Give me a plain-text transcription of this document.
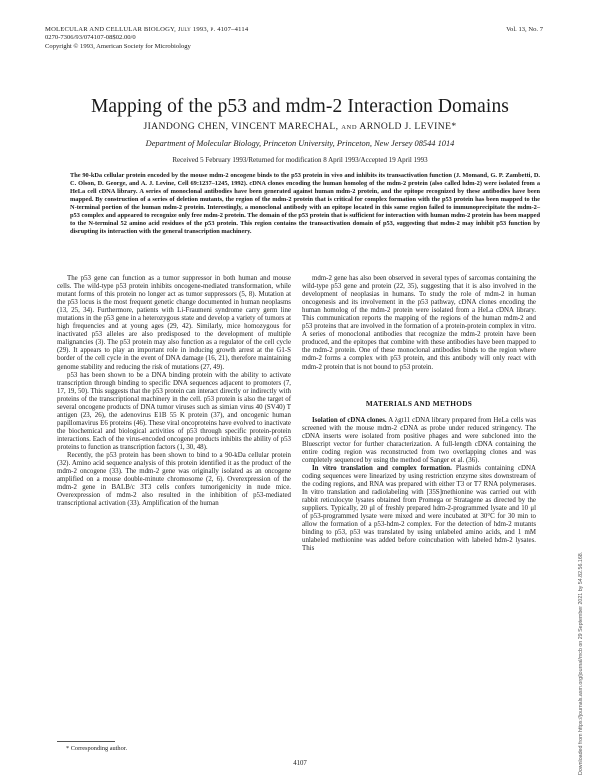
MOLECULAR AND CELLULAR BIOLOGY, July 1993, p. 4107–4114
0270-7306/93/074107-08$02.00/0
Copyright © 1993, American Society for Microbiology
Vol. 13, No. 7
Mapping of the p53 and mdm-2 Interaction Domains
JIANDONG CHEN, VINCENT MARECHAL, AND ARNOLD J. LEVINE*
Department of Molecular Biology, Princeton University, Princeton, New Jersey 08544 1014
Received 5 February 1993/Returned for modification 8 April 1993/Accepted 19 April 1993

The 90-kDa cellular protein encoded by the mouse mdm-2 oncogene binds to the p53 protein in vivo and inhibits its transactivation function (J. Momand, G. P. Zambetti, D. C. Olson, D. George, and A. J. Levine, Cell 69:1237–1245, 1992). cDNA clones encoding the human homolog of the mdm-2 protein (also called hdm-2) were isolated from a HeLa cell cDNA library. A series of monoclonal antibodies have been generated against human mdm-2 protein, and the epitope recognized by these antibodies have been mapped. By construction of a series of deletion mutants, the region of the mdm-2 protein that is critical for complex formation with the p53 protein has been mapped to the N-terminal portion of the human mdm-2 protein. Interestingly, a monoclonal antibody with an epitope located in this same region failed to immunoprecipitate the mdm-2–p53 complex and appeared to recognize only free mdm-2 protein. The domain of the p53 protein that is sufficient for interaction with human mdm-2 protein has been mapped to the N-terminal 52 amino acid residues of the p53 protein. This region contains the transactivation domain of p53, suggesting that mdm-2 may inhibit p53 function by disrupting its interaction with the general transcription machinery.

The p53 gene can function as a tumor suppressor in both human and mouse cells. The wild-type p53 protein inhibits oncogene-mediated transformation, while mutant forms of this protein no longer act as tumor suppressors (5, 8). Mutation at the p53 locus is the most frequent genetic change documented in human neoplasms (13, 25, 34). Furthermore, patients with Li-Fraumeni syndrome carry germ line mutations in the p53 gene in a heterozygous state and develop a variety of tumors at high frequencies and at young ages (29, 42). Similarly, mice homozygous for inactivated p53 alleles are also predisposed to the development of multiple malignancies (3). The p53 protein may also function as a regulator of the cell cycle (29). It appears to play an important role in inducing growth arrest at the G1-S border of the cell cycle in the event of DNA damage (16, 21), therefore maintaining genome stability and reducing the risk of mutations (27, 49).

p53 has been shown to be a DNA binding protein with the ability to activate transcription through binding to specific DNA sequences adjacent to promoters (7, 17, 19, 50). This suggests that the p53 protein can interact directly or indirectly with proteins of the transcriptional machinery in the cell. p53 protein is also the target of several oncogene products of DNA tumor viruses such as simian virus 40 (SV40) T antigen (23, 26), the adenovirus E1B 55 K protein (37), and oncogenic human papillomavirus E6 proteins (46). These viral oncoproteins have evolved to inactivate the biochemical and biological activities of p53 through specific protein-protein interactions. Each of the virus-encoded oncogene products inhibits the ability of p53 proteins to function as transcription factors (1, 30, 48).

Recently, the p53 protein has been shown to bind to a 90-kDa cellular protein (32). Amino acid sequence analysis of this protein identified it as the product of the mdm-2 oncogene (33). The mdm-2 gene was originally isolated as an oncogene amplified on a mouse double-minute chromosome (2, 6). Overexpression of the mdm-2 gene in BALB/c 3T3 cells confers tumorigenicity in nude mice. Overexpression of mdm-2 also resulted in the inhibition of p53-mediated transcriptional activation (33). Amplification of the human

mdm-2 gene has also been observed in several types of sarcomas containing the wild-type p53 gene and protein (22, 35), suggesting that it is also involved in the development of neoplasias in humans. To study the role of mdm-2 in human oncogenesis and its involvement in the p53 pathway, cDNA clones encoding the human homolog of the mdm-2 protein were isolated from a HeLa cDNA library. This communication reports the mapping of the regions of the human mdm-2 and p53 proteins that are involved in the formation of a protein-protein complex in vitro. A series of monoclonal antibodies that recognize the mdm-2 protein have been produced, and the epitopes that combine with these antibodies have been mapped to the mdm-2 protein. One of these monoclonal antibodies binds to the region where mdm-2 forms a complex with p53 protein, and this antibody will only react with mdm-2 protein that is not bound to p53 protein.

MATERIALS AND METHODS

Isolation of cDNA clones. A λgt11 cDNA library prepared from HeLa cells was screened with the mouse mdm-2 cDNA as probe under reduced stringency. The cDNA inserts were isolated from positive phages and were subcloned into the Bluescript vector for further characterization. A full-length cDNA containing the entire coding region was reconstructed from two overlapping clones and was completely sequenced by using the method of Sanger et al. (36).

In vitro translation and complex formation. Plasmids containing cDNA coding sequences were linearized by using restriction enzyme sites downstream of the coding regions, and RNA was prepared with either T3 or T7 RNA polymerases. In vitro translation and radiolabeling with [35S]methionine was carried out with rabbit reticulocyte lysates obtained from Promega or Stratagene as directed by the suppliers. Typically, 20 μl of freshly prepared hdm-2-programmed lysate and 10 μl of p53-programmed lysate were mixed and were incubated at 30°C for 30 min to allow the formation of a p53-hdm-2 complex. For the detection of hdm-2 mutants binding to p53, p53 was translated by using unlabeled amino acids, and 1 mM unlabeled methionine was added before coincubation with labeled hdm-2 lysates. This

* Corresponding author.
4107	Downloaded from https://journals.asm.org/journal/mcb on 29 September 2021 by 54.82.56.168.
